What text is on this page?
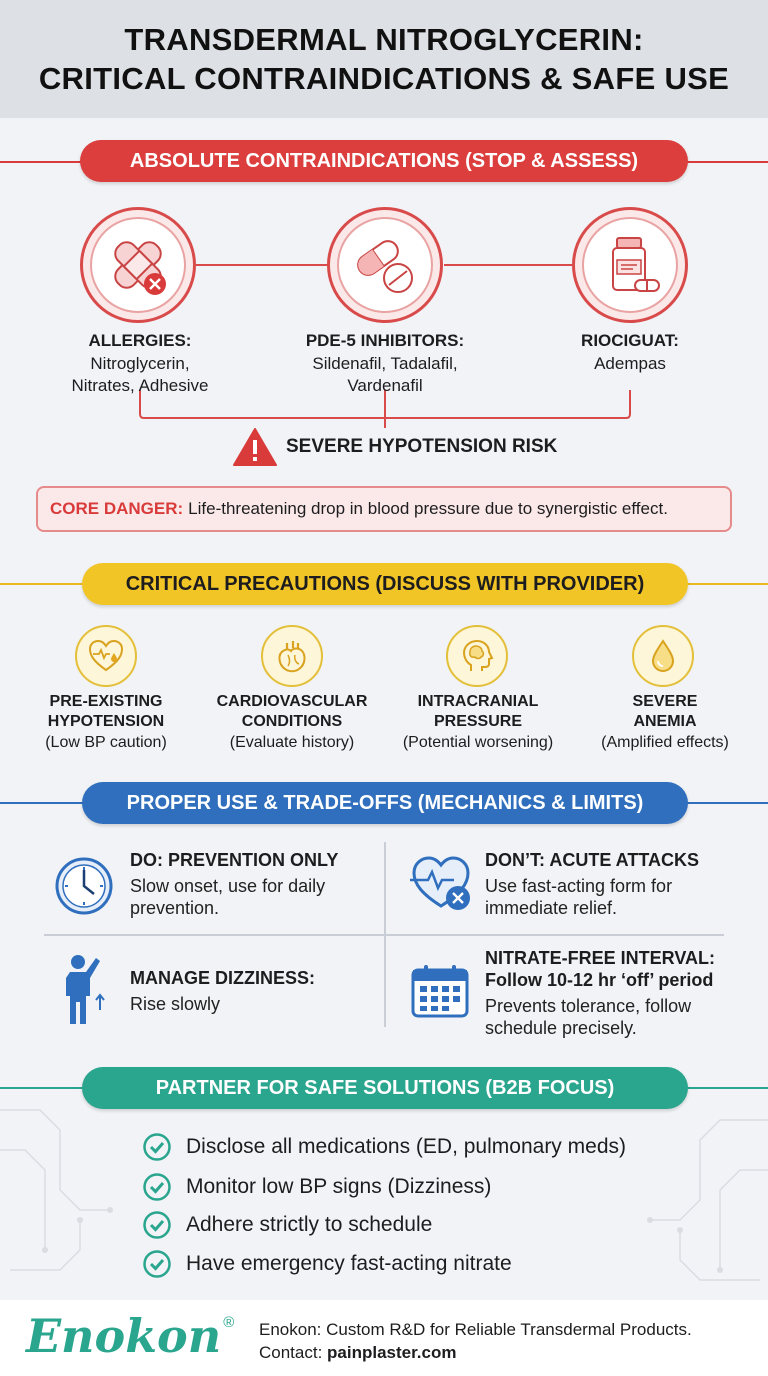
TRANSDERMAL NITROGLYCERIN:
CRITICAL CONTRAINDICATIONS & SAFE USE
ABSOLUTE CONTRAINDICATIONS (STOP & ASSESS)
ALLERGIES:
Nitroglycerin,
Nitrates, Adhesive
PDE-5 INHIBITORS:
Sildenafil, Tadalafil,
Vardenafil
RIOCIGUAT:
Adempas
SEVERE HYPOTENSION RISK
CORE DANGER: Life-threatening drop in blood pressure due to synergistic effect.
CRITICAL PRECAUTIONS (DISCUSS WITH PROVIDER)
PRE-EXISTING
HYPOTENSION
(Low BP caution)
CARDIOVASCULAR
CONDITIONS
(Evaluate history)
INTRACRANIAL
PRESSURE
(Potential worsening)
SEVERE
ANEMIA
(Amplified effects)
PROPER USE & TRADE-OFFS (MECHANICS & LIMITS)
DO: PREVENTION ONLY
Slow onset, use for daily
prevention.
DON’T: ACUTE ATTACKS
Use fast-acting form for
immediate relief.
MANAGE DIZZINESS:
Rise slowly
NITRATE-FREE INTERVAL:
Follow 10-12 hr ‘off’ period
Prevents tolerance, follow
schedule precisely.
PARTNER FOR SAFE SOLUTIONS (B2B FOCUS)
Disclose all medications (ED, pulmonary meds)
Monitor low BP signs (Dizziness)
Adhere strictly to schedule
Have emergency fast-acting nitrate
Enokon ® Enokon: Custom R&D for Reliable Transdermal Products.
Contact: painplaster.com
